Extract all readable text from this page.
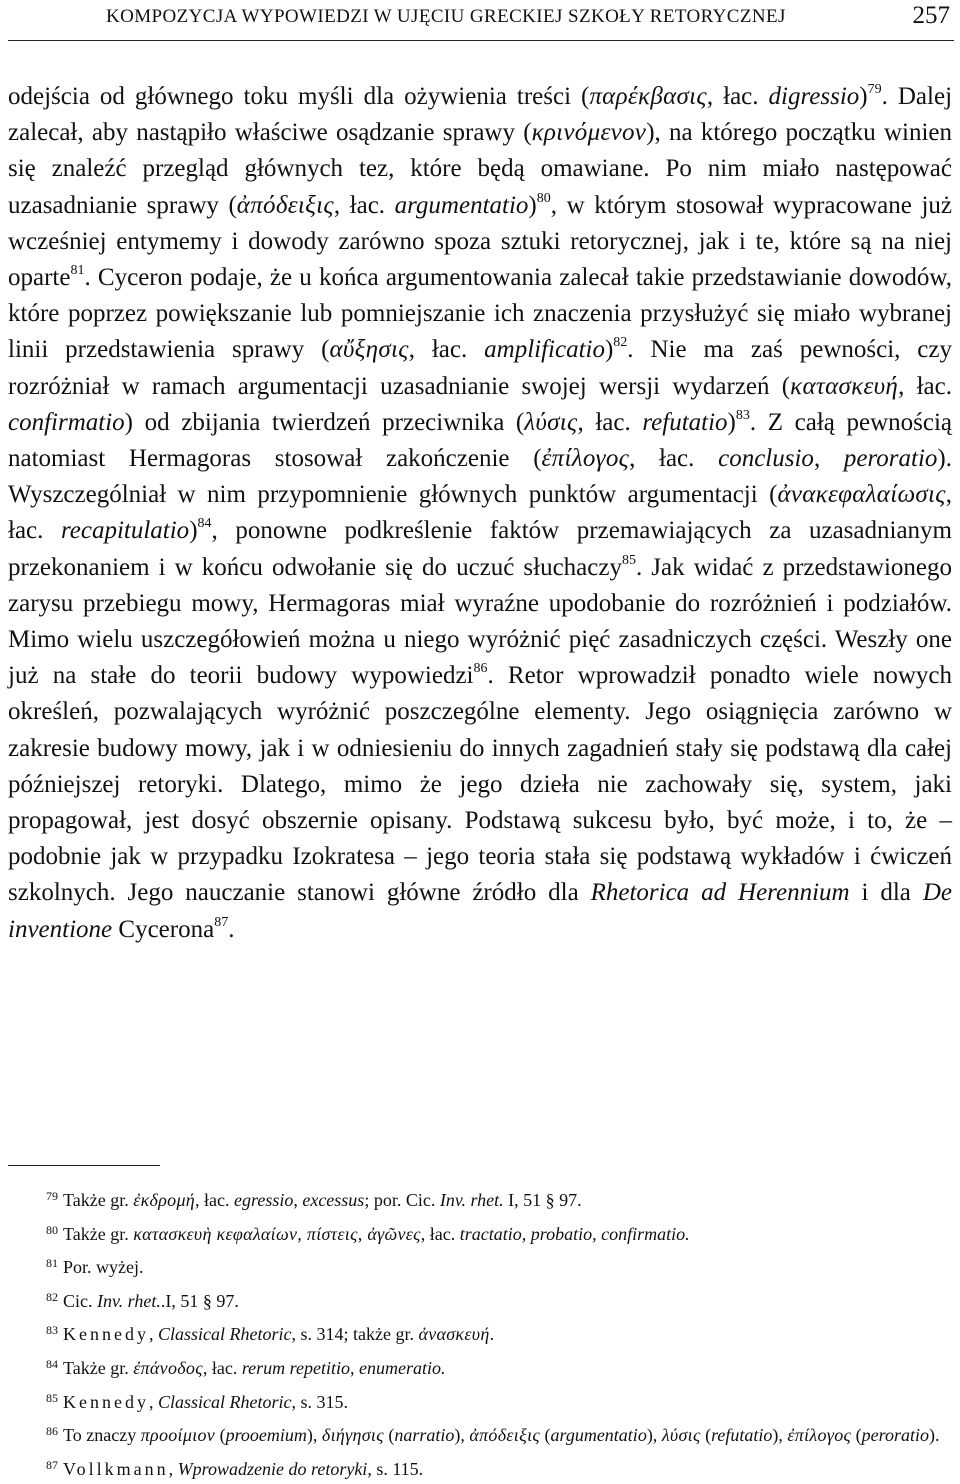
KOMPOZYCJA WYPOWIEDZI W UJĘCIU GRECKIEJ SZKOŁY RETORYCZNEJ	257

odejścia od głównego toku myśli dla ożywienia treści (παρέκβασις, łac. digressio)$^{79}$. Dalej zalecał, aby nastąpiło właściwe osądzanie sprawy (κρινόμενον), na którego początku winien się znaleźć przegląd głównych tez, które będą omawiane. Po nim miało następować uzasadnianie sprawy (ἀπόδειξις, łac. argumentatio)$^{80}$, w którym stosował wypracowane już wcześniej entymemy i dowody zarówno spoza sztuki retorycznej, jak i te, które są na niej oparte$^{81}$. Cyceron podaje, że u końca argumentowania zalecał takie przedstawianie dowodów, które poprzez powiększanie lub pomniejszanie ich znaczenia przysłużyć się miało wybranej linii przedstawienia sprawy (αὔξησις, łac. amplificatio)$^{82}$. Nie ma zaś pewności, czy rozróżniał w ramach argumentacji uzasadnianie swojej wersji wydarzeń (κατασκευή, łac. confirmatio) od zbijania twierdzeń przeciwnika (λύσις, łac. refutatio)$^{83}$. Z całą pewnością natomiast Hermagoras stosował zakończenie (ἐπίλογος, łac. conclusio, peroratio). Wyszczególniał w nim przypomnienie głównych punktów argumentacji (ἀνακεφαλαίωσις, łac. recapitulatio)$^{84}$, ponowne podkreślenie faktów przemawiających za uzasadnianym przekonaniem i w końcu odwołanie się do uczuć słuchaczy$^{85}$. Jak widać z przedstawionego zarysu przebiegu mowy, Hermagoras miał wyraźne upodobanie do rozróżnień i podziałów. Mimo wielu uszczegółowień można u niego wyróżnić pięć zasadniczych części. Weszły one już na stałe do teorii budowy wypowiedzi$^{86}$. Retor wprowadził ponadto wiele nowych określeń, pozwalających wyróżnić poszczególne elementy. Jego osiągnięcia zarówno w zakresie budowy mowy, jak i w odniesieniu do innych zagadnień stały się podstawą dla całej późniejszej retoryki. Dlatego, mimo że jego dzieła nie zachowały się, system, jaki propagował, jest dosyć obszernie opisany. Podstawą sukcesu było, być może, i to, że – podobnie jak w przypadku Izokratesa – jego teoria stała się podstawą wykładów i ćwiczeń szkolnych. Jego nauczanie stanowi główne źródło dla Rhetorica ad Herennium i dla De inventione Cycerona$^{87}$.

$^{79}$ Także gr. ἐκδρομή, łac. egressio, excessus; por. Cic. Inv. rhet. I, 51 § 97.
$^{80}$ Także gr. κατασκευὴ κεφαλαίων, πίστεις, ἀγῶνες, łac. tractatio, probatio, confirmatio.
$^{81}$ Por. wyżej.
$^{82}$ Cic. Inv. rhet..I, 51 § 97.
$^{83}$ Kennedy, Classical Rhetoric, s. 314; także gr. ἀνασκευή.
$^{84}$ Także gr. ἐπάνοδος, łac. rerum repetitio, enumeratio.
$^{85}$ Kennedy, Classical Rhetoric, s. 315.
$^{86}$ To znaczy προοίμιον (prooemium), διήγησις (narratio), ἀπόδειξις (argumentatio), λύσις (refutatio), ἐπίλογος (peroratio).
$^{87}$ Vollkmann, Wprowadzenie do retoryki, s. 115.
